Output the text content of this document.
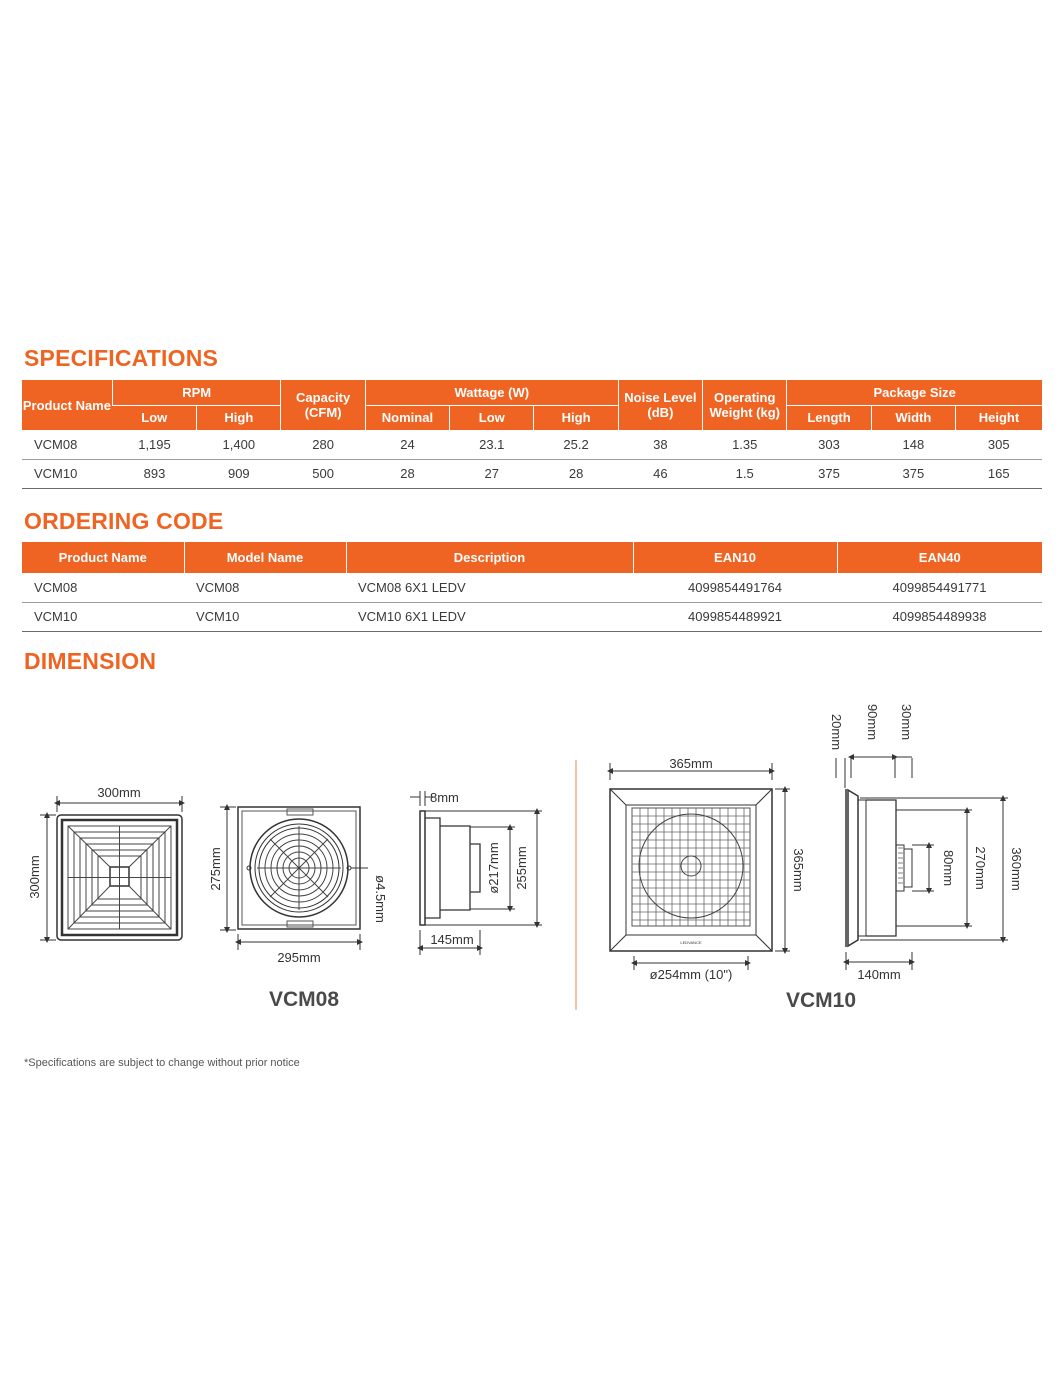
SPECIFICATIONS
Product Name	RPM		Capacity (CFM)	Wattage (W)			Noise Level (dB)	Operating Weight (kg)	Package Size		
	Low	High		Nominal	Low	High			Length	Width	Height
VCM08	1,195	1,400	280	24	23.1	25.2	38	1.35	303	148	305
VCM10	893	909	500	28	27	28	46	1.5	375	375	165
ORDERING CODE
Product Name	Model Name	Description	EAN10	EAN40
VCM08	VCM08	VCM08 6X1 LEDV	4099854491764	4099854491771
VCM10	VCM10	VCM10 6X1 LEDV	4099854489921	4099854489938
DIMENSION
300mm
300mm	275mm
ø4.5mm
295mm
VCM08
8mm
ø217mm 255mm
145mm
365mm
LEDVANCE
365mm
ø254mm (10")
VCM10
20mm 90mm 30mm
80mm 270mm 360mm
140mm
*Specifications are subject to change without prior notice
